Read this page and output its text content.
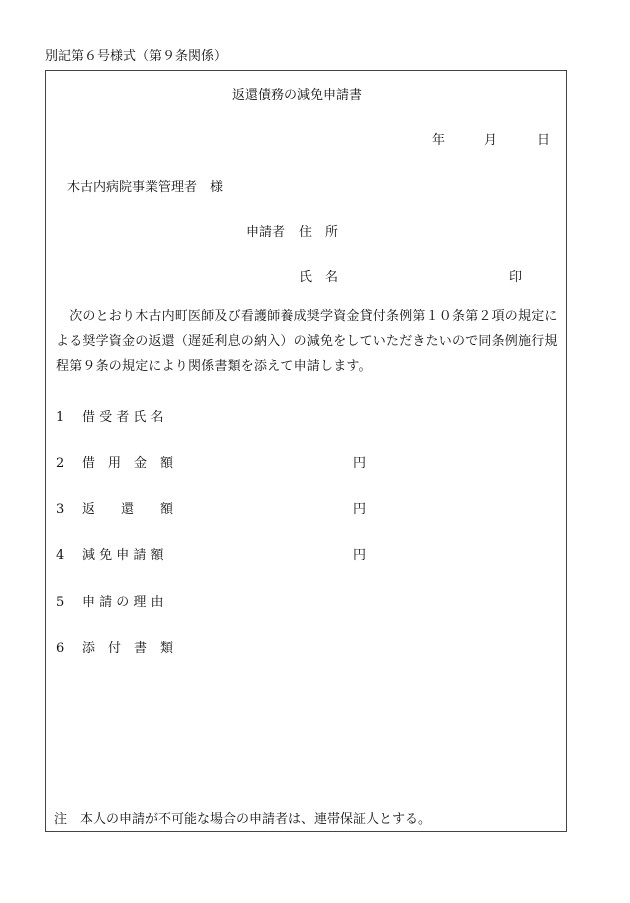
別記第６号様式（第９条関係）
返還債務の減免申請書
年	月	日
木古内病院事業管理者　様
申請者 住　所
氏　名	印
　次のとおり木古内町医師及び看護師養成奨学資金貸付条例第１０条第２項の規定による奨学資金の返還（遅延利息の納入）の減免をしていただきたいので同条例施行規程第９条の規定により関係書類を添えて申請します。
1 借 受 者 氏 名
2 借　用　金　額	円
3 返　　還　　額	円
4 減 免 申 請 額	円
5 申 請 の 理 由
6 添　付　書　類
注　本人の申請が不可能な場合の申請者は、連帯保証人とする。
